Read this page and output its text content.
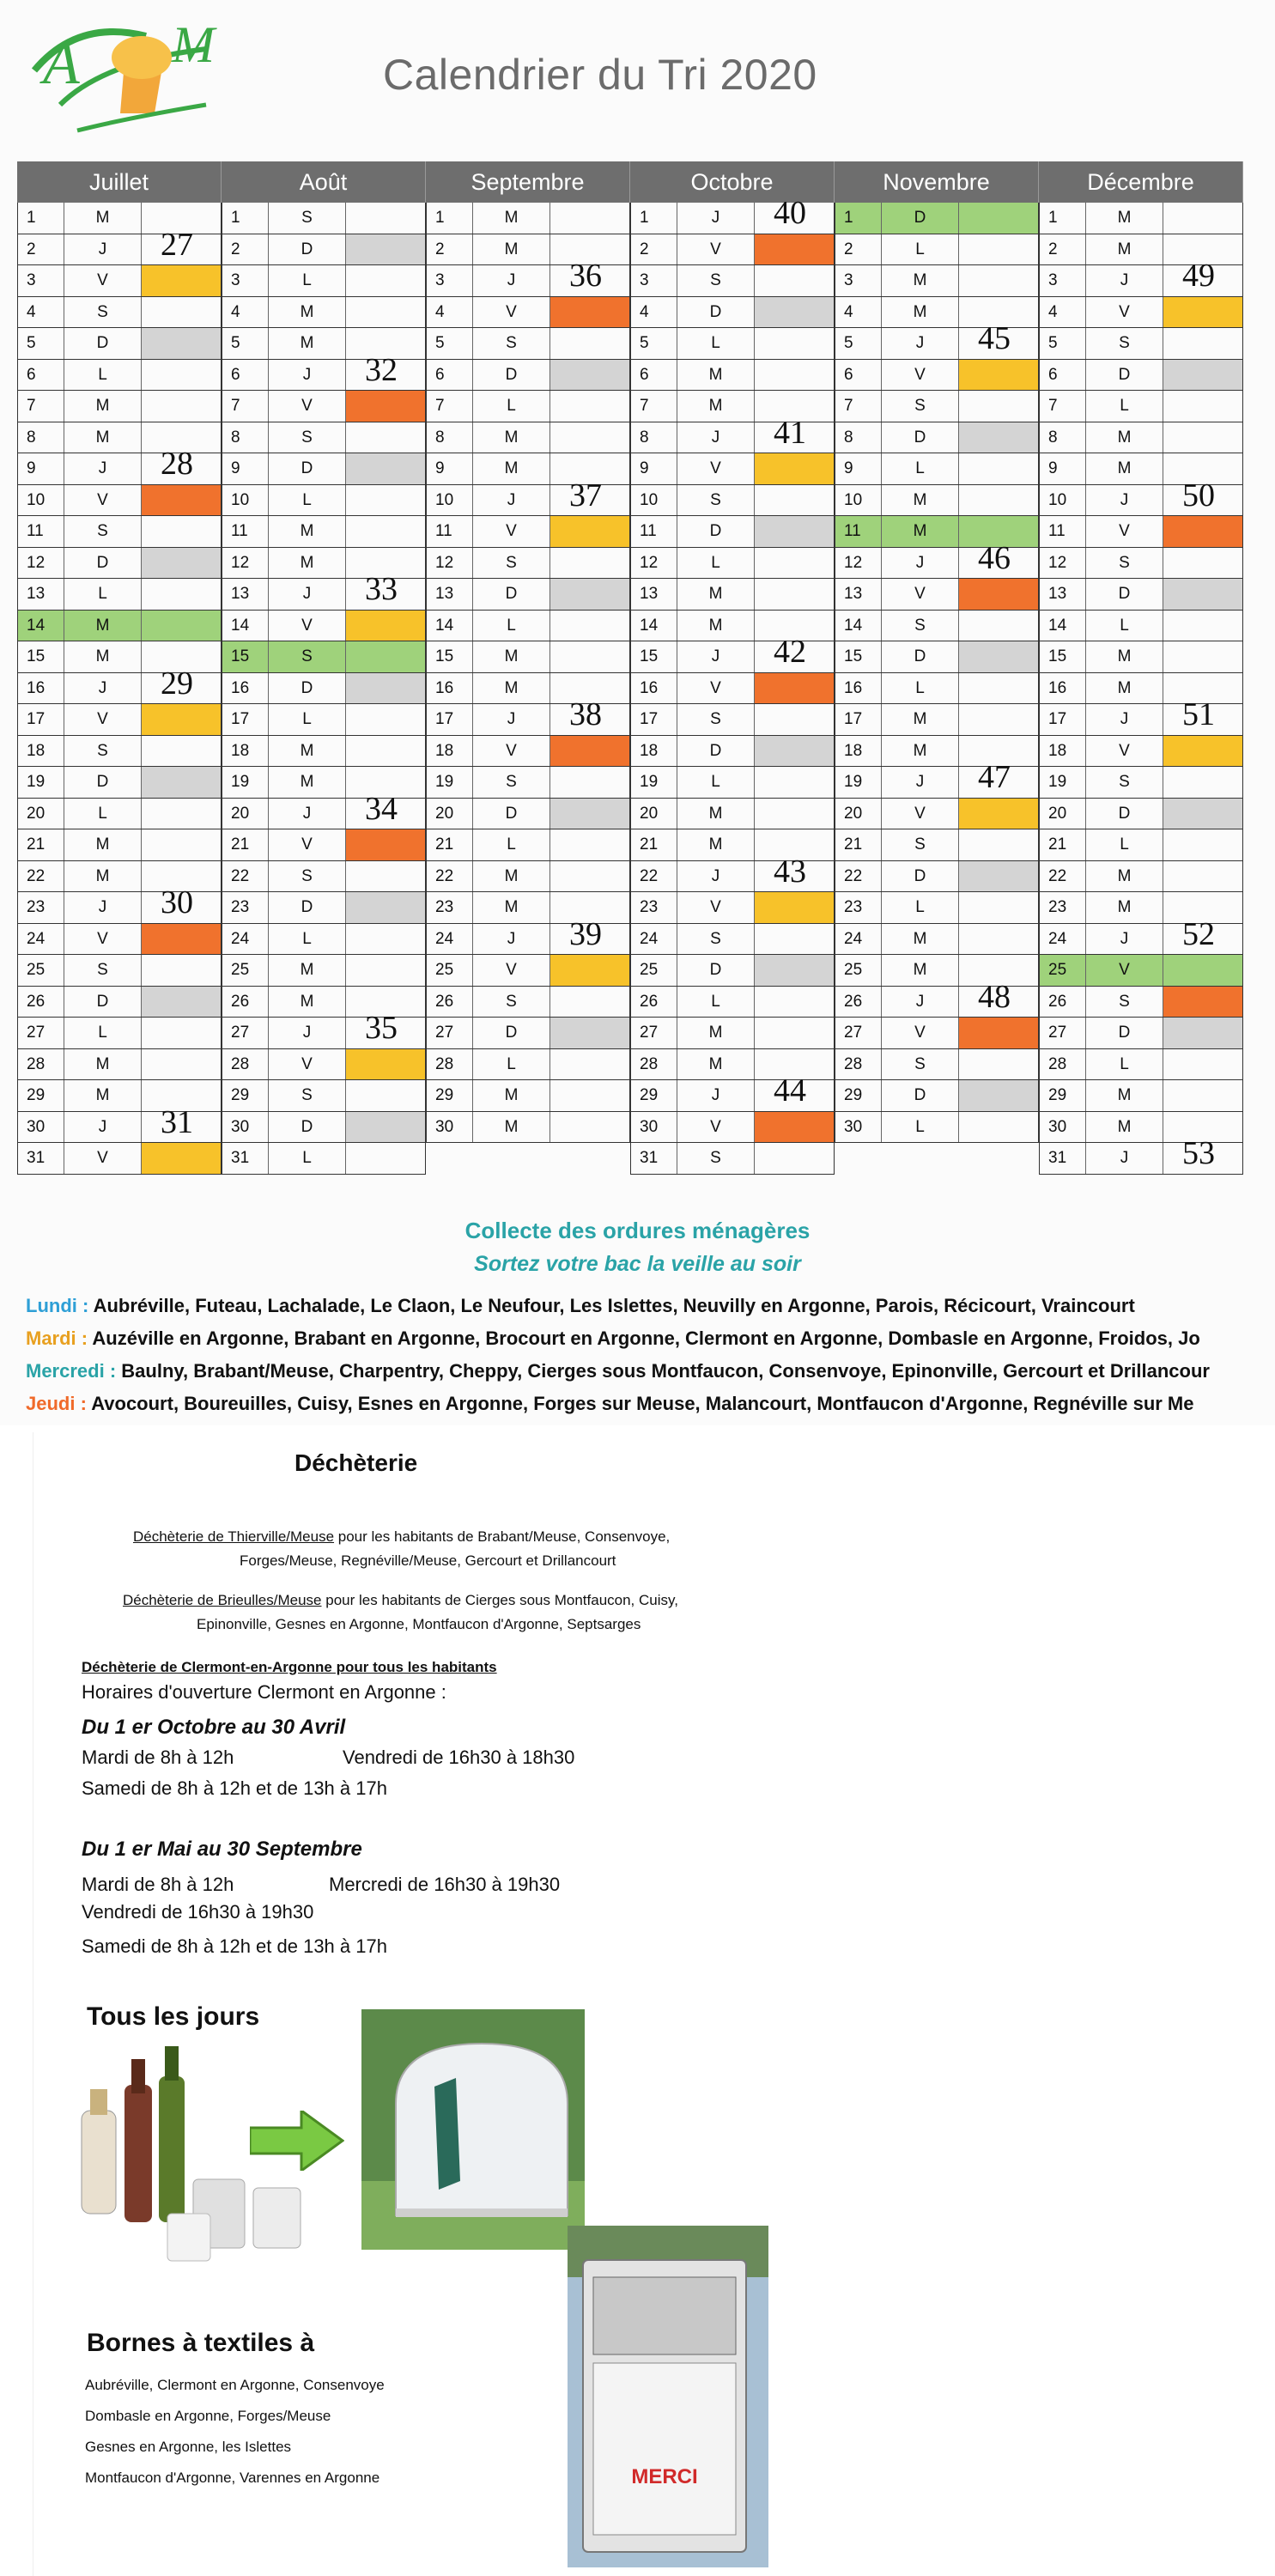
A M
Calendrier du Tri 2020
Juillet
1	M
2	J	27
3	V
4	S
5	D
6	L
7	M
8	M
9	J	28
10	V
11	S
12	D
13	L
14	M
15	M
16	J	29
17	V
18	S
19	D
20	L
21	M
22	M
23	J	30
24	V
25	S
26	D
27	L
28	M
29	M
30	J	31
31	V
Août
1	S
2	D
3	L
4	M
5	M
6	J	32
7	V
8	S
9	D
10	L
11	M
12	M
13	J	33
14	V
15	S
16	D
17	L
18	M
19	M
20	J	34
21	V
22	S
23	D
24	L
25	M
26	M
27	J	35
28	V
29	S
30	D
31	L
Septembre
1	M
2	M
3	J	36
4	V
5	S
6	D
7	L
8	M
9	M
10	J	37
11	V
12	S
13	D
14	L
15	M
16	M
17	J	38
18	V
19	S
20	D
21	L
22	M
23	M
24	J	39
25	V
26	S
27	D
28	L
29	M
30	M
Octobre
1	J	40
2	V
3	S
4	D
5	L
6	M
7	M
8	J	41
9	V
10	S
11	D
12	L
13	M
14	M
15	J	42
16	V
17	S
18	D
19	L
20	M
21	M
22	J	43
23	V
24	S
25	D
26	L
27	M
28	M
29	J	44
30	V
31	S
Novembre
1	D
2	L
3	M
4	M
5	J	45
6	V
7	S
8	D
9	L
10	M
11	M
12	J	46
13	V
14	S
15	D
16	L
17	M
18	M
19	J	47
20	V
21	S
22	D
23	L
24	M
25	M
26	J	48
27	V
28	S
29	D
30	L
Décembre
1	M
2	M
3	J	49
4	V
5	S
6	D
7	L
8	M
9	M
10	J	50
11	V
12	S
13	D
14	L
15	M
16	M
17	J	51
18	V
19	S
20	D
21	L
22	M
23	M
24	J	52
25	V
26	S
27	D
28	L
29	M
30	M
31	J	53
Collecte des ordures ménagères
Sortez votre bac la veille au soir
Lundi : Aubréville, Futeau, Lachalade, Le Claon, Le Neufour, Les Islettes, Neuvilly en Argonne, Parois, Récicourt, Vraincourt
Mardi : Auzéville en Argonne, Brabant en Argonne, Brocourt en Argonne, Clermont en Argonne, Dombasle en Argonne, Froidos, Jo
Mercredi : Baulny, Brabant/Meuse, Charpentry, Cheppy, Cierges sous Montfaucon, Consenvoye, Epinonville, Gercourt et Drillancour
Jeudi : Avocourt, Boureuilles, Cuisy, Esnes en Argonne, Forges sur Meuse, Malancourt, Montfaucon d'Argonne, Regnéville sur Me
Déchèterie
Déchèterie de Thierville/Meuse pour les habitants de Brabant/Meuse, Consenvoye,
Forges/Meuse, Regnéville/Meuse, Gercourt et Drillancourt
Déchèterie de Brieulles/Meuse pour les habitants de Cierges sous Montfaucon, Cuisy,
Epinonville, Gesnes en Argonne, Montfaucon d'Argonne, Septsarges
Déchèterie de Clermont-en-Argonne pour tous les habitants
Horaires d'ouverture Clermont en Argonne :
Du 1 er Octobre au 30 Avril
Mardi de 8h à 12h	Vendredi de 16h30 à 18h30
Samedi de 8h à 12h et de 13h à 17h
Du 1 er Mai au 30 Septembre
Mardi de 8h à 12h	Mercredi de 16h30 à 19h30
Vendredi de 16h30 à 19h30
Samedi de 8h à 12h et de 13h à 17h
Tous les jours
MERCI
Bornes à textiles à
Aubréville, Clermont en Argonne, Consenvoye
Dombasle en Argonne, Forges/Meuse
Gesnes en Argonne, les Islettes
Montfaucon d'Argonne, Varennes en Argonne
